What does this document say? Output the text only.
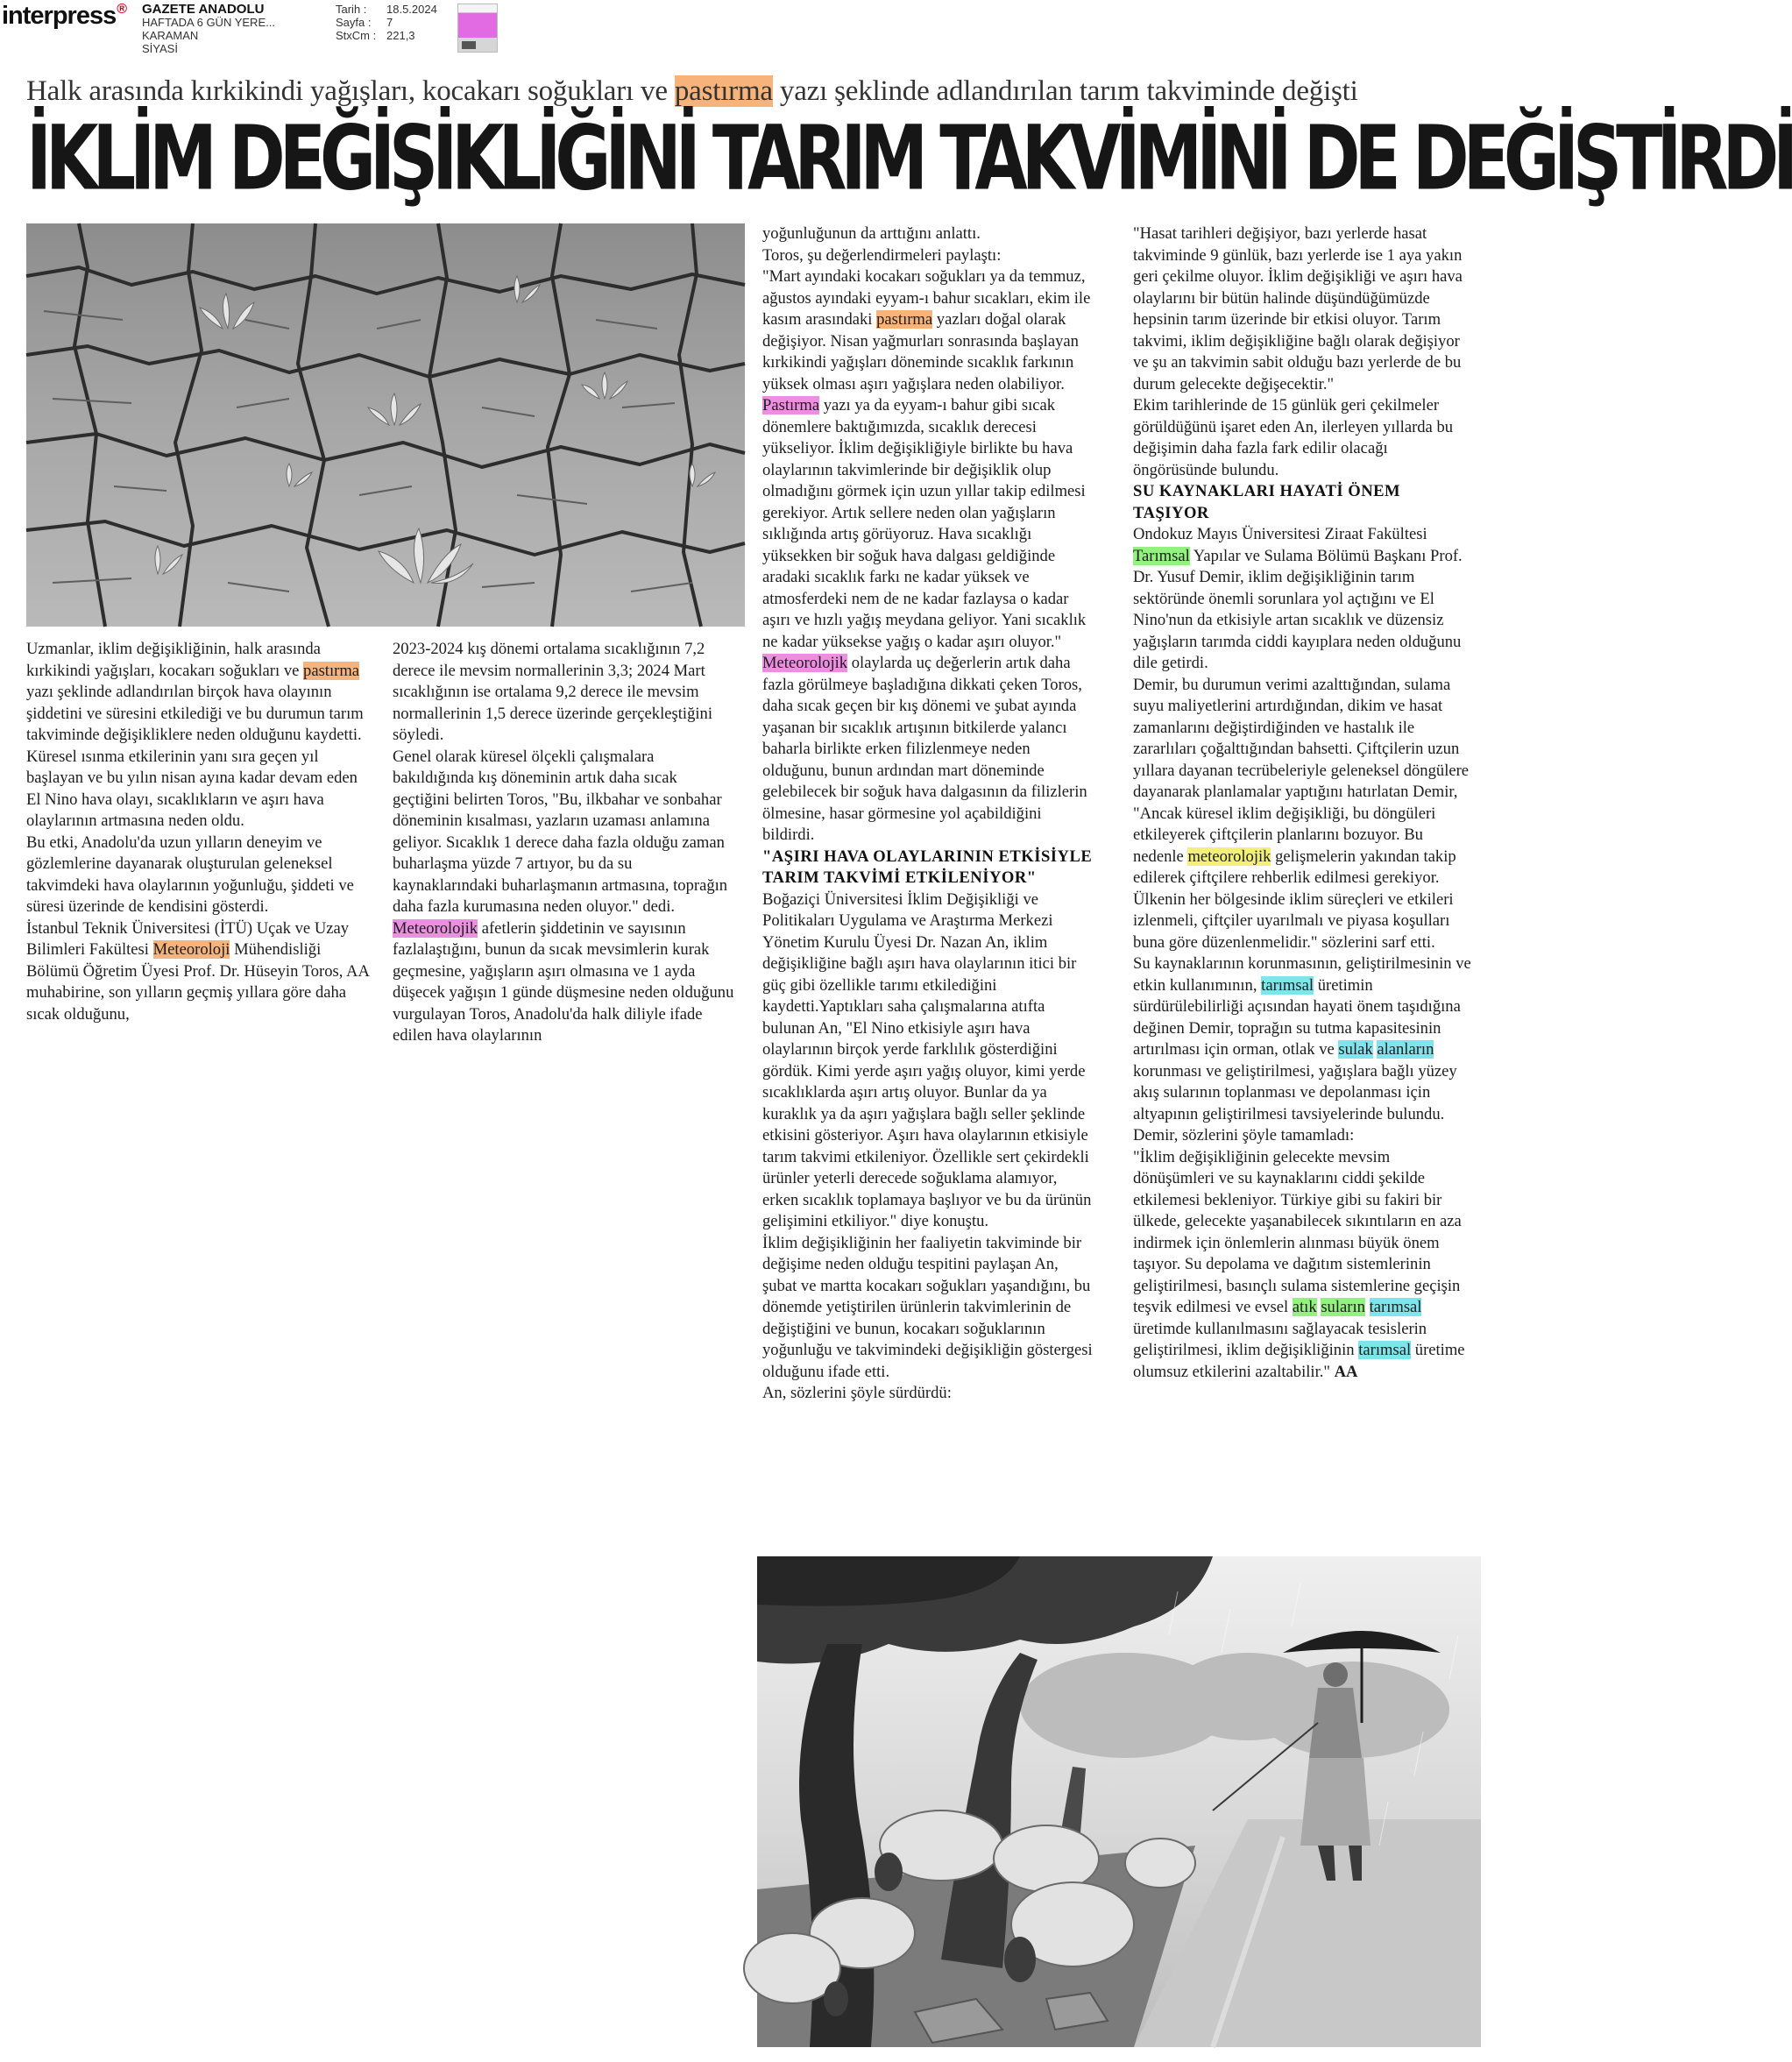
interpress® GAZETE ANADOLU
HAFTADA 6 GÜN YERE...
KARAMAN
SİYASİ
Tarih :	18.5.2024
Sayfa :	7
StxCm : 221,3
Halk arasında kırkikindi yağışları, kocakarı soğukları ve pastırma yazı şeklinde adlandırılan tarım takviminde değişti
İKLİM DEĞİŞİKLİĞİNİ TARIM TAKVİMİNİ DE DEĞİŞTİRDİ

Uzmanlar, iklim değişikliğinin, halk arasında kırkikindi yağışları, kocakarı soğukları ve pastırma yazı şeklinde adlandırılan birçok hava olayının şiddetini ve süresini etkilediği ve bu durumun tarım takviminde değişikliklere neden olduğunu kaydetti.

Küresel ısınma etkilerinin yanı sıra geçen yıl başlayan ve bu yılın nisan ayına kadar devam eden El Nino hava olayı, sıcaklıkların ve aşırı hava olaylarının artmasına neden oldu.

Bu etki, Anadolu'da uzun yılların deneyim ve gözlemlerine dayanarak oluşturulan geleneksel takvimdeki hava olaylarının yoğunluğu, şiddeti ve süresi üzerinde de kendisini gösterdi.

İstanbul Teknik Üniversitesi (İTÜ) Uçak ve Uzay Bilimleri Fakültesi Meteoroloji Mühendisliği Bölümü Öğretim Üyesi Prof. Dr. Hüseyin Toros, AA muhabirine, son yılların geçmiş yıllara göre daha sıcak olduğunu,

2023-2024 kış dönemi ortalama sıcaklığının 7,2 derece ile mevsim normallerinin 3,3; 2024 Mart sıcaklığının ise ortalama 9,2 derece ile mevsim normallerinin 1,5 derece üzerinde gerçekleştiğini söyledi.

Genel olarak küresel ölçekli çalışmalara bakıldığında kış döneminin artık daha sıcak geçtiğini belirten Toros, "Bu, ilkbahar ve sonbahar döneminin kısalması, yazların uzaması anlamına geliyor. Sıcaklık 1 derece daha fazla olduğu zaman buharlaşma yüzde 7 artıyor, bu da su kaynaklarındaki buharlaşmanın artmasına, toprağın daha fazla kurumasına neden oluyor." dedi.

Meteorolojik afetlerin şiddetinin ve sayısının fazlalaştığını, bunun da sıcak mevsimlerin kurak geçmesine, yağışların aşırı olmasına ve 1 ayda düşecek yağışın 1 günde düşmesine neden olduğunu vurgulayan Toros, Anadolu'da halk diliyle ifade edilen hava olaylarının

yoğunluğunun da arttığını anlattı.

Toros, şu değerlendirmeleri paylaştı:

"Mart ayındaki kocakarı soğukları ya da temmuz, ağustos ayındaki eyyam-ı bahur sıcakları, ekim ile kasım arasındaki pastırma yazları doğal olarak değişiyor. Nisan yağmurları sonrasında başlayan kırkikindi yağışları döneminde sıcaklık farkının yüksek olması aşırı yağışlara neden olabiliyor.

Pastırma yazı ya da eyyam-ı bahur gibi sıcak dönemlere baktığımızda, sıcaklık derecesi yükseliyor. İklim değişikliğiyle birlikte bu hava olaylarının takvimlerinde bir değişiklik olup olmadığını görmek için uzun yıllar takip edilmesi gerekiyor. Artık sellere neden olan yağışların sıklığında artış görüyoruz. Hava sıcaklığı yüksekken bir soğuk hava dalgası geldiğinde aradaki sıcaklık farkı ne kadar yüksek ve atmosferdeki nem de ne kadar fazlaysa o kadar aşırı ve hızlı yağış meydana geliyor. Yani sıcaklık ne kadar yüksekse yağış o kadar aşırı oluyor."

Meteorolojik olaylarda uç değerlerin artık daha fazla görülmeye başladığına dikkati çeken Toros, daha sıcak geçen bir kış dönemi ve şubat ayında yaşanan bir sıcaklık artışının bitkilerde yalancı baharla birlikte erken filizlenmeye neden olduğunu, bunun ardından mart döneminde gelebilecek bir soğuk hava dalgasının da filizlerin ölmesine, hasar görmesine yol açabildiğini bildirdi.

"AŞIRI HAVA OLAYLARININ ETKİSİYLE TARIM TAKVİMİ ETKİLENİYOR"

Boğaziçi Üniversitesi İklim Değişikliği ve Politikaları Uygulama ve Araştırma Merkezi Yönetim Kurulu Üyesi Dr. Nazan An, iklim değişikliğine bağlı aşırı hava olaylarının itici bir güç gibi özellikle tarımı etkilediğini kaydetti.Yaptıkları saha çalışmalarına atıfta bulunan An, "El Nino etkisiyle aşırı hava olaylarının birçok yerde farklılık gösterdiğini gördük. Kimi yerde aşırı yağış oluyor, kimi yerde sıcaklıklarda aşırı artış oluyor. Bunlar da ya kuraklık ya da aşırı yağışlara bağlı seller şeklinde etkisini gösteriyor. Aşırı hava olaylarının etkisiyle tarım takvimi etkileniyor. Özellikle sert çekirdekli ürünler yeterli derecede soğuklama alamıyor, erken sıcaklık toplamaya başlıyor ve bu da ürünün gelişimini etkiliyor." diye konuştu.

İklim değişikliğinin her faaliyetin takviminde bir değişime neden olduğu tespitini paylaşan An, şubat ve martta kocakarı soğukları yaşandığını, bu dönemde yetiştirilen ürünlerin takvimlerinin de değiştiğini ve bunun, kocakarı soğuklarının yoğunluğu ve takvimindeki değişikliğin göstergesi olduğunu ifade etti.

An, sözlerini şöyle sürdürdü:

"Hasat tarihleri değişiyor, bazı yerlerde hasat takviminde 9 günlük, bazı yerlerde ise 1 aya yakın geri çekilme oluyor. İklim değişikliği ve aşırı hava olaylarını bir bütün halinde düşündüğümüzde hepsinin tarım üzerinde bir etkisi oluyor. Tarım takvimi, iklim değişikliğine bağlı olarak değişiyor ve şu an takvimin sabit olduğu bazı yerlerde de bu durum gelecekte değişecektir."

Ekim tarihlerinde de 15 günlük geri çekilmeler görüldüğünü işaret eden An, ilerleyen yıllarda bu değişimin daha fazla fark edilir olacağı öngörüsünde bulundu.

SU KAYNAKLARI HAYATİ ÖNEM TAŞIYOR

Ondokuz Mayıs Üniversitesi Ziraat Fakültesi Tarımsal Yapılar ve Sulama Bölümü Başkanı Prof. Dr. Yusuf Demir, iklim değişikliğinin tarım sektöründe önemli sorunlara yol açtığını ve El Nino'nun da etkisiyle artan sıcaklık ve düzensiz yağışların tarımda ciddi kayıplara neden olduğunu dile getirdi.

Demir, bu durumun verimi azalttığından, sulama suyu maliyetlerini artırdığından, dikim ve hasat zamanlarını değiştirdiğinden ve hastalık ile zararlıları çoğalttığından bahsetti. Çiftçilerin uzun yıllara dayanan tecrübeleriyle geleneksel döngülere dayanarak planlamalar yaptığını hatırlatan Demir, "Ancak küresel iklim değişikliği, bu döngüleri etkileyerek çiftçilerin planlarını bozuyor. Bu nedenle meteorolojik gelişmelerin yakından takip edilerek çiftçilere rehberlik edilmesi gerekiyor. Ülkenin her bölgesinde iklim süreçleri ve etkileri izlenmeli, çiftçiler uyarılmalı ve piyasa koşulları buna göre düzenlenmelidir." sözlerini sarf etti.

Su kaynaklarının korunmasının, geliştirilmesinin ve etkin kullanımının, tarımsal üretimin sürdürülebilirliği açısından hayati önem taşıdığına değinen Demir, toprağın su tutma kapasitesinin artırılması için orman, otlak ve sulak alanların korunması ve geliştirilmesi, yağışlara bağlı yüzey akış sularının toplanması ve depolanması için altyapının geliştirilmesi tavsiyelerinde bulundu.

Demir, sözlerini şöyle tamamladı:

"İklim değişikliğinin gelecekte mevsim dönüşümleri ve su kaynaklarını ciddi şekilde etkilemesi bekleniyor. Türkiye gibi su fakiri bir ülkede, gelecekte yaşanabilecek sıkıntıların en aza indirmek için önlemlerin alınması büyük önem taşıyor. Su depolama ve dağıtım sistemlerinin geliştirilmesi, basınçlı sulama sistemlerine geçişin teşvik edilmesi ve evsel atık suların tarımsal üretimde kullanılmasını sağlayacak tesislerin geliştirilmesi, iklim değişikliğinin tarımsal üretime olumsuz etkilerini azaltabilir." AA
